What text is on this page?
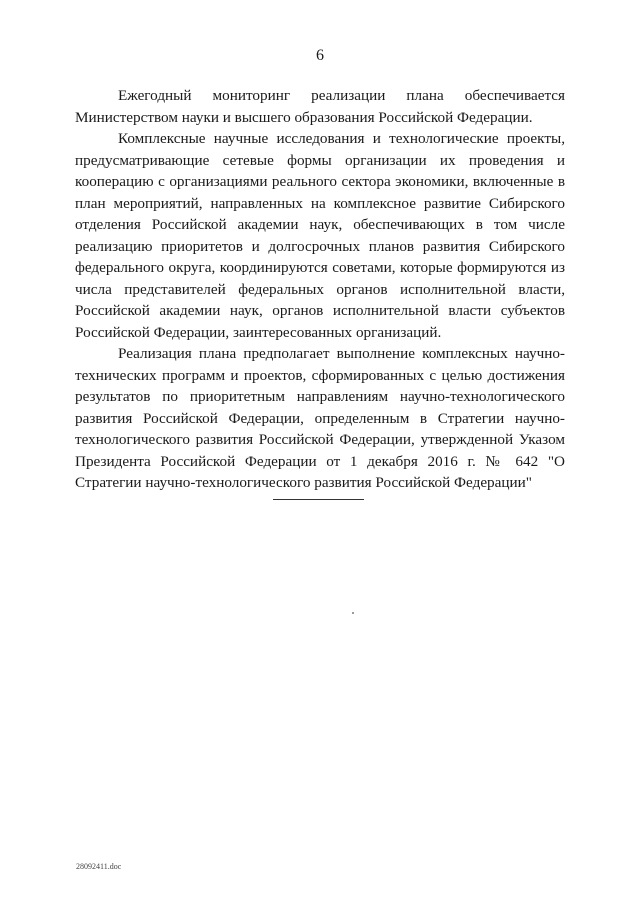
6

Ежегодный мониторинг реализации плана обеспечивается Министерством науки и высшего образования Российской Федерации.

Комплексные научные исследования и технологические проекты, предусматривающие сетевые формы организации их проведения и кооперацию с организациями реального сектора экономики, включенные в план мероприятий, направленных на комплексное развитие Сибирского отделения Российской академии наук, обеспечивающих в том числе реализацию приоритетов и долгосрочных планов развития Сибирского федерального округа, координируются советами, которые формируются из числа представителей федеральных органов исполнительной власти, Российской академии наук, органов исполнительной власти субъектов Российской Федерации, заинтересованных организаций.

Реализация плана предполагает выполнение комплексных научно-технических программ и проектов, сформированных с целью достижения результатов по приоритетным направлениям научно-технологического развития Российской Федерации, определенным в Стратегии научно-технологического развития Российской Федерации, утвержденной Указом Президента Российской Федерации от 1 декабря 2016 г. № 642 "О Стратегии научно-технологического развития Российской Федерации"

28092411.doc
